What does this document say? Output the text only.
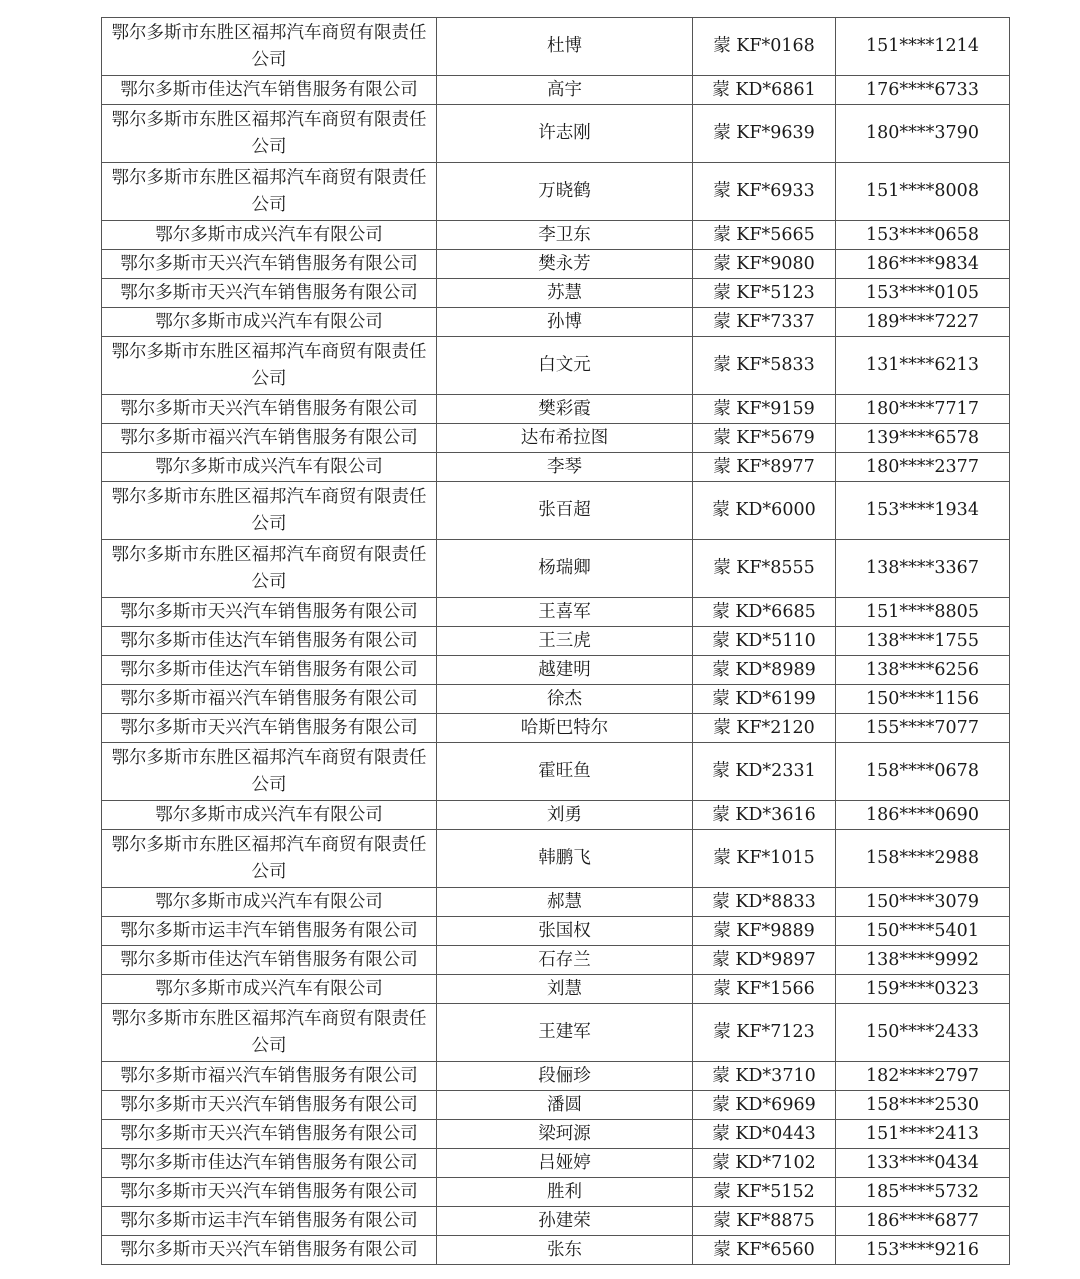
鄂尔多斯市东胜区福邦汽车商贸有限责任公司	杜博	蒙 KF*0168	151****1214
鄂尔多斯市佳达汽车销售服务有限公司	高宇	蒙 KD*6861	176****6733
鄂尔多斯市东胜区福邦汽车商贸有限责任公司	许志刚	蒙 KF*9639	180****3790
鄂尔多斯市东胜区福邦汽车商贸有限责任公司	万晓鹤	蒙 KF*6933	151****8008
鄂尔多斯市成兴汽车有限公司	李卫东	蒙 KF*5665	153****0658
鄂尔多斯市天兴汽车销售服务有限公司	樊永芳	蒙 KF*9080	186****9834
鄂尔多斯市天兴汽车销售服务有限公司	苏慧	蒙 KF*5123	153****0105
鄂尔多斯市成兴汽车有限公司	孙博	蒙 KF*7337	189****7227
鄂尔多斯市东胜区福邦汽车商贸有限责任公司	白文元	蒙 KF*5833	131****6213
鄂尔多斯市天兴汽车销售服务有限公司	樊彩霞	蒙 KF*9159	180****7717
鄂尔多斯市福兴汽车销售服务有限公司	达布希拉图	蒙 KF*5679	139****6578
鄂尔多斯市成兴汽车有限公司	李琴	蒙 KF*8977	180****2377
鄂尔多斯市东胜区福邦汽车商贸有限责任公司	张百超	蒙 KD*6000	153****1934
鄂尔多斯市东胜区福邦汽车商贸有限责任公司	杨瑞卿	蒙 KF*8555	138****3367
鄂尔多斯市天兴汽车销售服务有限公司	王喜军	蒙 KD*6685	151****8805
鄂尔多斯市佳达汽车销售服务有限公司	王三虎	蒙 KD*5110	138****1755
鄂尔多斯市佳达汽车销售服务有限公司	越建明	蒙 KD*8989	138****6256
鄂尔多斯市福兴汽车销售服务有限公司	徐杰	蒙 KD*6199	150****1156
鄂尔多斯市天兴汽车销售服务有限公司	哈斯巴特尔	蒙 KF*2120	155****7077
鄂尔多斯市东胜区福邦汽车商贸有限责任公司	霍旺鱼	蒙 KD*2331	158****0678
鄂尔多斯市成兴汽车有限公司	刘勇	蒙 KD*3616	186****0690
鄂尔多斯市东胜区福邦汽车商贸有限责任公司	韩鹏飞	蒙 KF*1015	158****2988
鄂尔多斯市成兴汽车有限公司	郝慧	蒙 KD*8833	150****3079
鄂尔多斯市运丰汽车销售服务有限公司	张国权	蒙 KF*9889	150****5401
鄂尔多斯市佳达汽车销售服务有限公司	石存兰	蒙 KD*9897	138****9992
鄂尔多斯市成兴汽车有限公司	刘慧	蒙 KF*1566	159****0323
鄂尔多斯市东胜区福邦汽车商贸有限责任公司	王建军	蒙 KF*7123	150****2433
鄂尔多斯市福兴汽车销售服务有限公司	段俪珍	蒙 KD*3710	182****2797
鄂尔多斯市天兴汽车销售服务有限公司	潘圆	蒙 KD*6969	158****2530
鄂尔多斯市天兴汽车销售服务有限公司	梁珂源	蒙 KD*0443	151****2413
鄂尔多斯市佳达汽车销售服务有限公司	吕娅婷	蒙 KD*7102	133****0434
鄂尔多斯市天兴汽车销售服务有限公司	胜利	蒙 KF*5152	185****5732
鄂尔多斯市运丰汽车销售服务有限公司	孙建荣	蒙 KF*8875	186****6877
鄂尔多斯市天兴汽车销售服务有限公司	张东	蒙 KF*6560	153****9216
